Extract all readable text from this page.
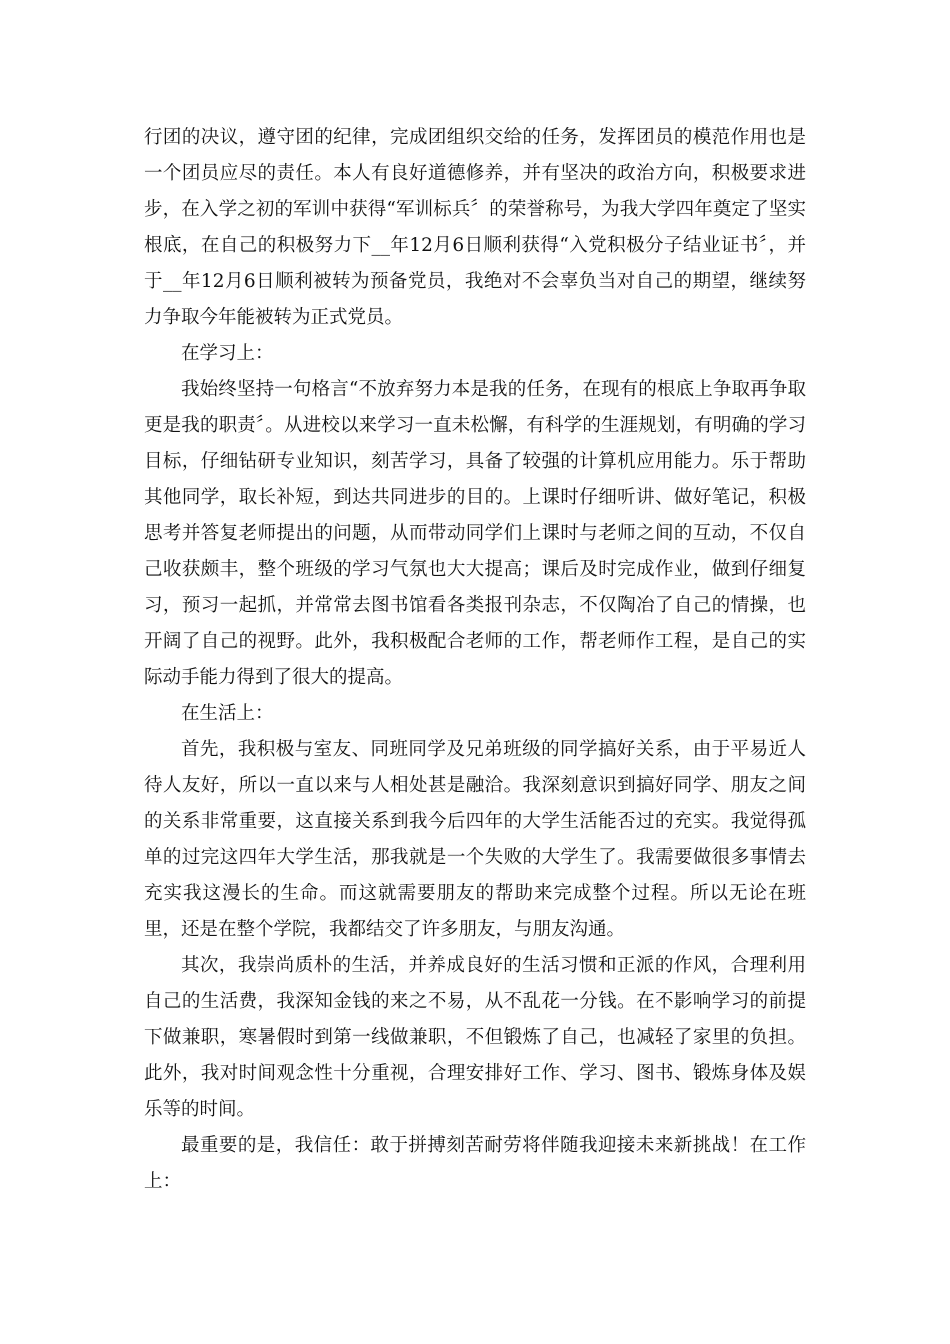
行团的决议，遵守团的纪律，完成团组织交给的任务，发挥团员的模范作用也是一个团员应尽的责任。本人有良好道德修养，并有坚决的政治方向，积极要求进步，在入学之初的军训中获得“军训标兵〞的荣誉称号，为我大学四年奠定了坚实根底，在自己的积极努力下__年12月6日顺利获得“入党积极分子结业证书〞，并于__年12月6日顺利被转为预备党员，我绝对不会辜负当对自己的期望，继续努力争取今年能被转为正式党员。

在学习上：

我始终坚持一句格言“不放弃努力本是我的任务，在现有的根底上争取再争取更是我的职责〞。从进校以来学习一直未松懈，有科学的生涯规划，有明确的学习目标，仔细钻研专业知识，刻苦学习，具备了较强的计算机应用能力。乐于帮助其他同学，取长补短，到达共同进步的目的。上课时仔细听讲、做好笔记，积极思考并答复老师提出的问题，从而带动同学们上课时与老师之间的互动，不仅自己收获颇丰，整个班级的学习气氛也大大提高；课后及时完成作业，做到仔细复习，预习一起抓，并常常去图书馆看各类报刊杂志，不仅陶冶了自己的情操，也开阔了自己的视野。此外，我积极配合老师的工作，帮老师作工程，是自己的实际动手能力得到了很大的提高。

在生活上：

首先，我积极与室友、同班同学及兄弟班级的同学搞好关系，由于平易近人待人友好，所以一直以来与人相处甚是融洽。我深刻意识到搞好同学、朋友之间的关系非常重要，这直接关系到我今后四年的大学生活能否过的充实。我觉得孤单的过完这四年大学生活，那我就是一个失败的大学生了。我需要做很多事情去充实我这漫长的生命。而这就需要朋友的帮助来完成整个过程。所以无论在班里，还是在整个学院，我都结交了许多朋友，与朋友沟通。

其次，我崇尚质朴的生活，并养成良好的生活习惯和正派的作风，合理利用自己的生活费，我深知金钱的来之不易，从不乱花一分钱。在不影响学习的前提下做兼职，寒暑假时到第一线做兼职，不但锻炼了自己，也减轻了家里的负担。此外，我对时间观念性十分重视，合理安排好工作、学习、图书、锻炼身体及娱乐等的时间。

最重要的是，我信任：敢于拼搏刻苦耐劳将伴随我迎接未来新挑战！在工作上：
